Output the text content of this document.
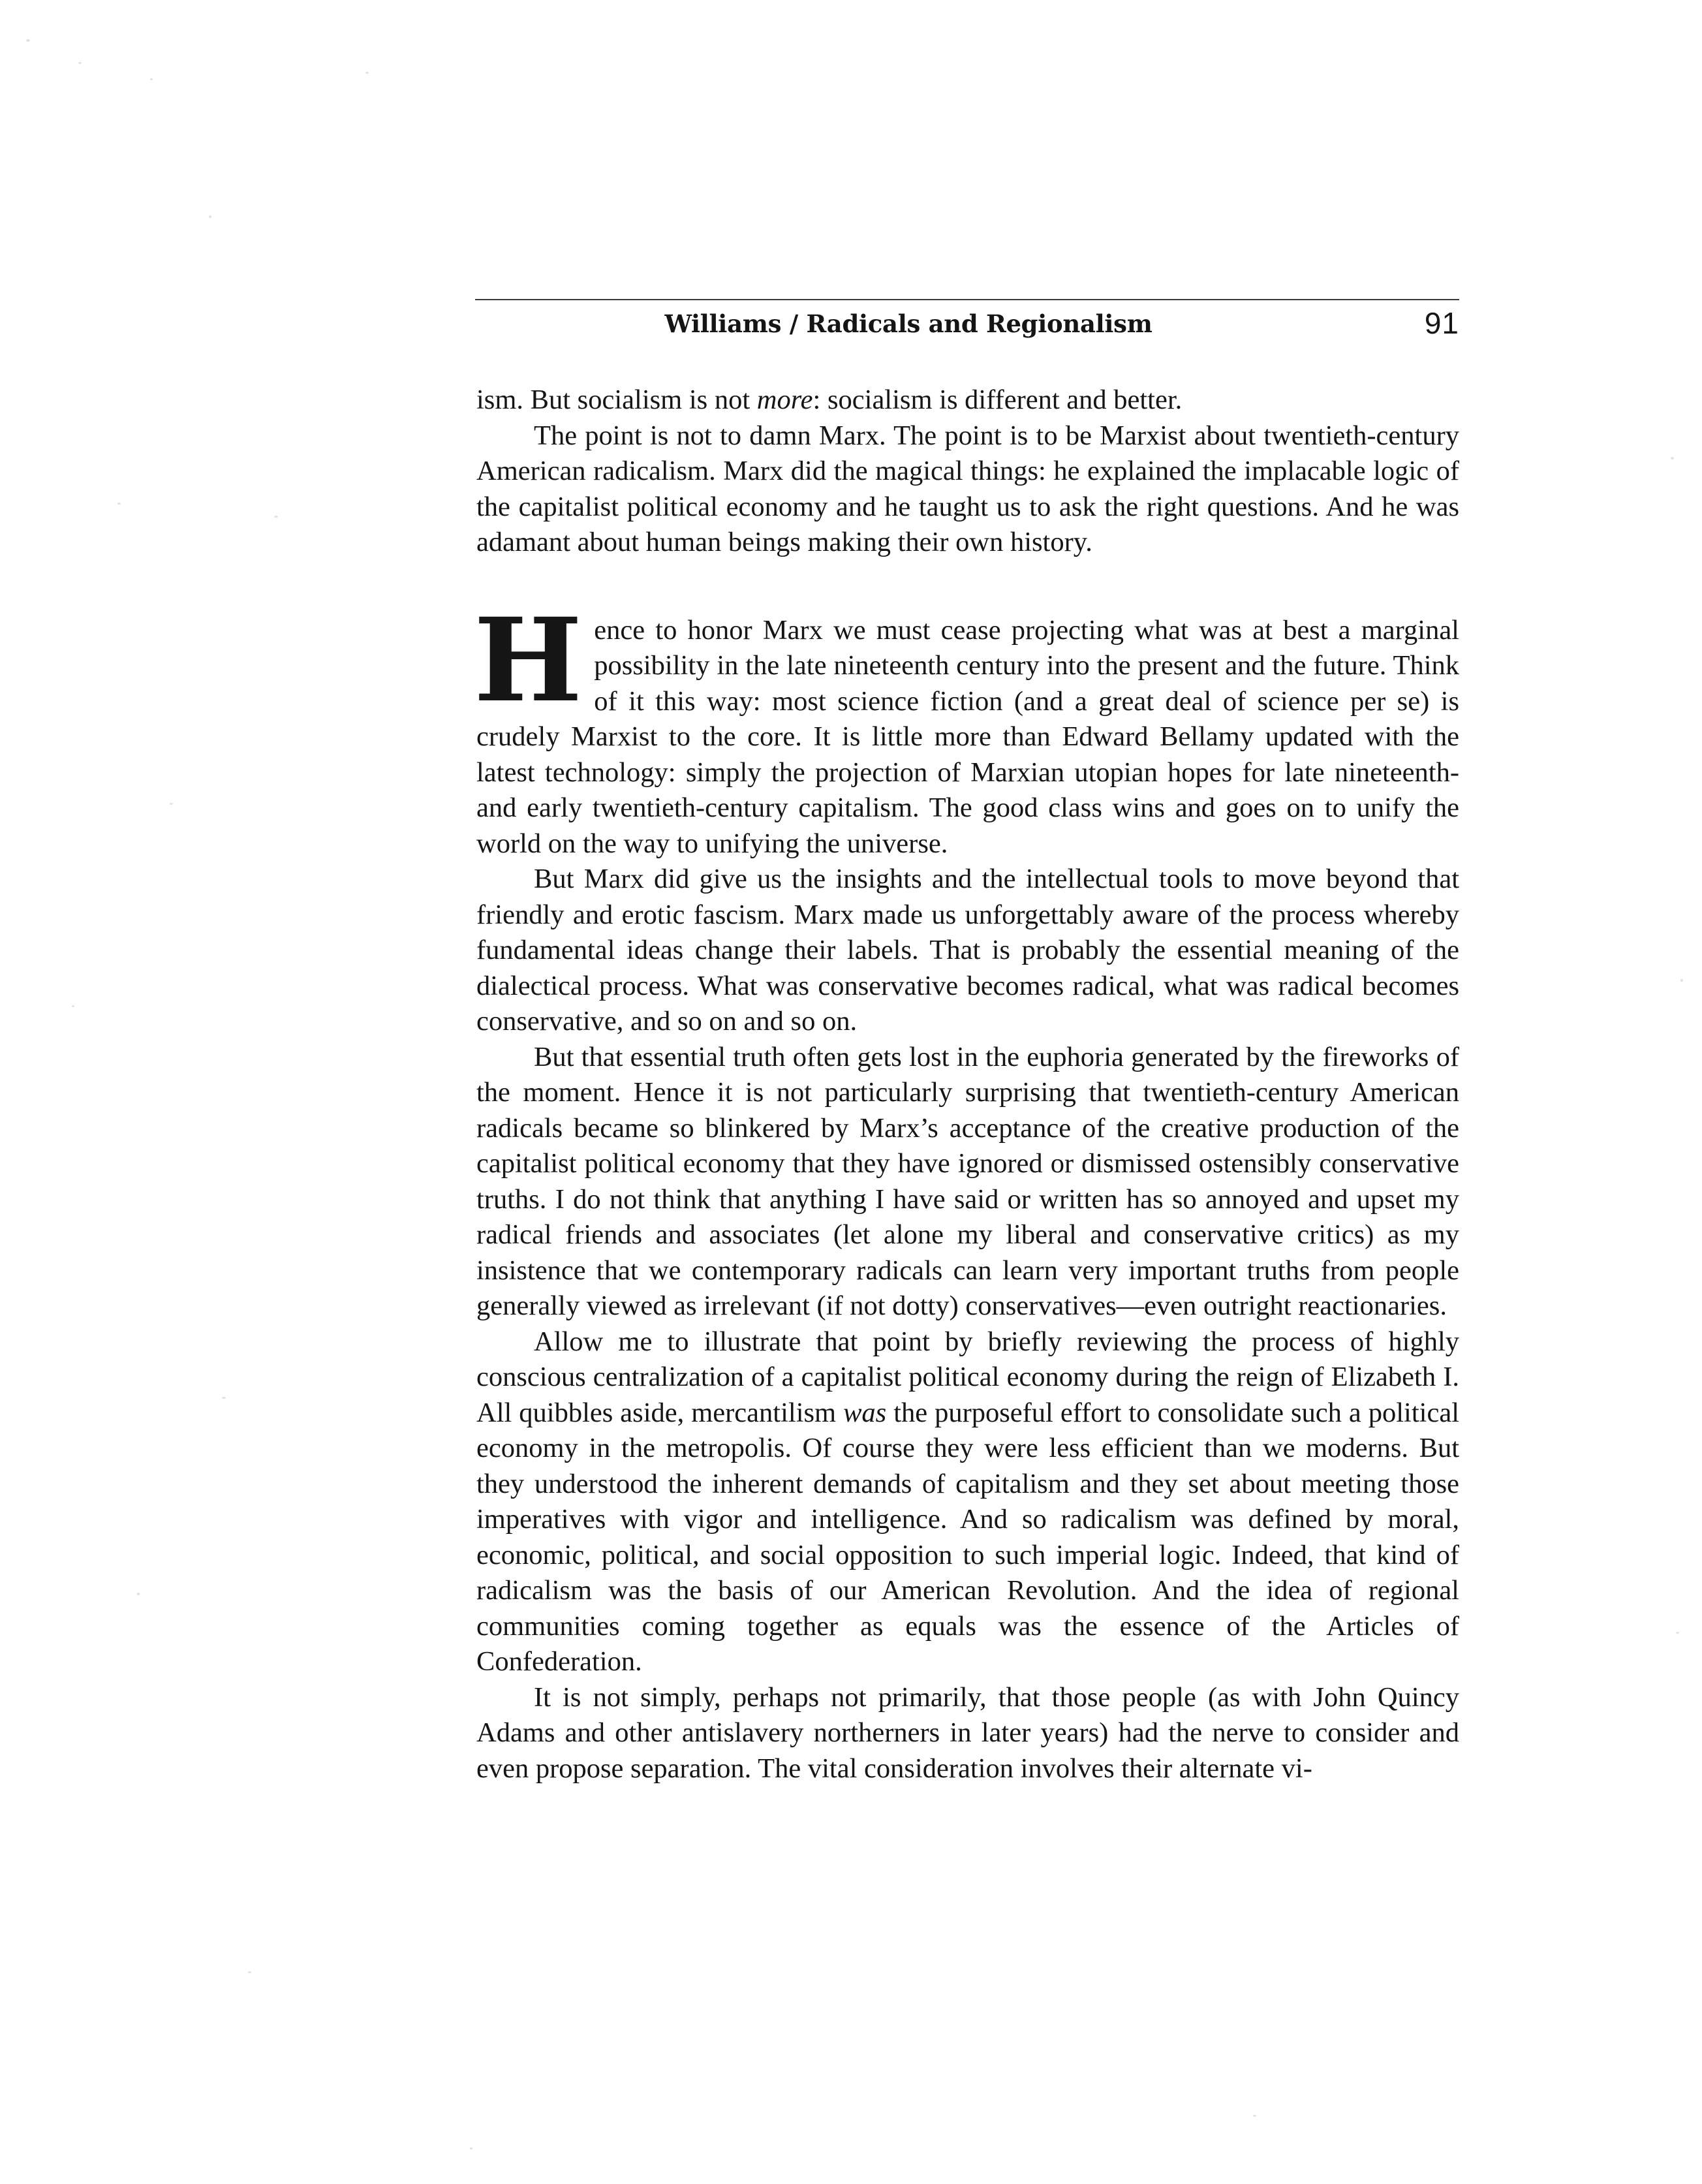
Williams / Radicals and Regionalism	91

ism. But socialism is not more: socialism is different and better.

The point is not to damn Marx. The point is to be Marxist about twentieth-century American radicalism. Marx did the magical things: he explained the implacable logic of the capitalist political economy and he taught us to ask the right questions. And he was adamant about human beings making their own history.

Hence to honor Marx we must cease projecting what was at best a marginal possibility in the late nineteenth century into the present and the future. Think of it this way: most science fiction (and a great deal of science per se) is crudely Marxist to the core. It is little more than Edward Bellamy updated with the latest technology: simply the projection of Marxian utopian hopes for late nineteenth- and early twentieth-century capitalism. The good class wins and goes on to unify the world on the way to unifying the universe.

But Marx did give us the insights and the intellectual tools to move beyond that friendly and erotic fascism. Marx made us unforgettably aware of the process whereby fundamental ideas change their labels. That is probably the essential meaning of the dialectical process. What was conservative becomes radical, what was radical becomes conservative, and so on and so on.

But that essential truth often gets lost in the euphoria generated by the fireworks of the moment. Hence it is not particularly surprising that twentieth-century American radicals became so blinkered by Marx’s acceptance of the creative production of the capitalist political economy that they have ignored or dismissed ostensibly conservative truths. I do not think that anything I have said or written has so annoyed and upset my radical friends and associates (let alone my liberal and conservative critics) as my insistence that we contemporary radicals can learn very important truths from people generally viewed as irrelevant (if not dotty) conservatives—even outright reactionaries.

Allow me to illustrate that point by briefly reviewing the process of highly conscious centralization of a capitalist political economy during the reign of Elizabeth I. All quibbles aside, mercantilism was the purposeful effort to consolidate such a political economy in the metropolis. Of course they were less efficient than we moderns. But they understood the inherent demands of capitalism and they set about meeting those imperatives with vigor and intelligence. And so radicalism was defined by moral, economic, political, and social opposition to such imperial logic. Indeed, that kind of radicalism was the basis of our American Revolution. And the idea of regional communities coming together as equals was the essence of the Articles of Confederation.

It is not simply, perhaps not primarily, that those people (as with John Quincy Adams and other antislavery northerners in later years) had the nerve to consider and even propose separation. The vital consideration involves their alternate vi-
